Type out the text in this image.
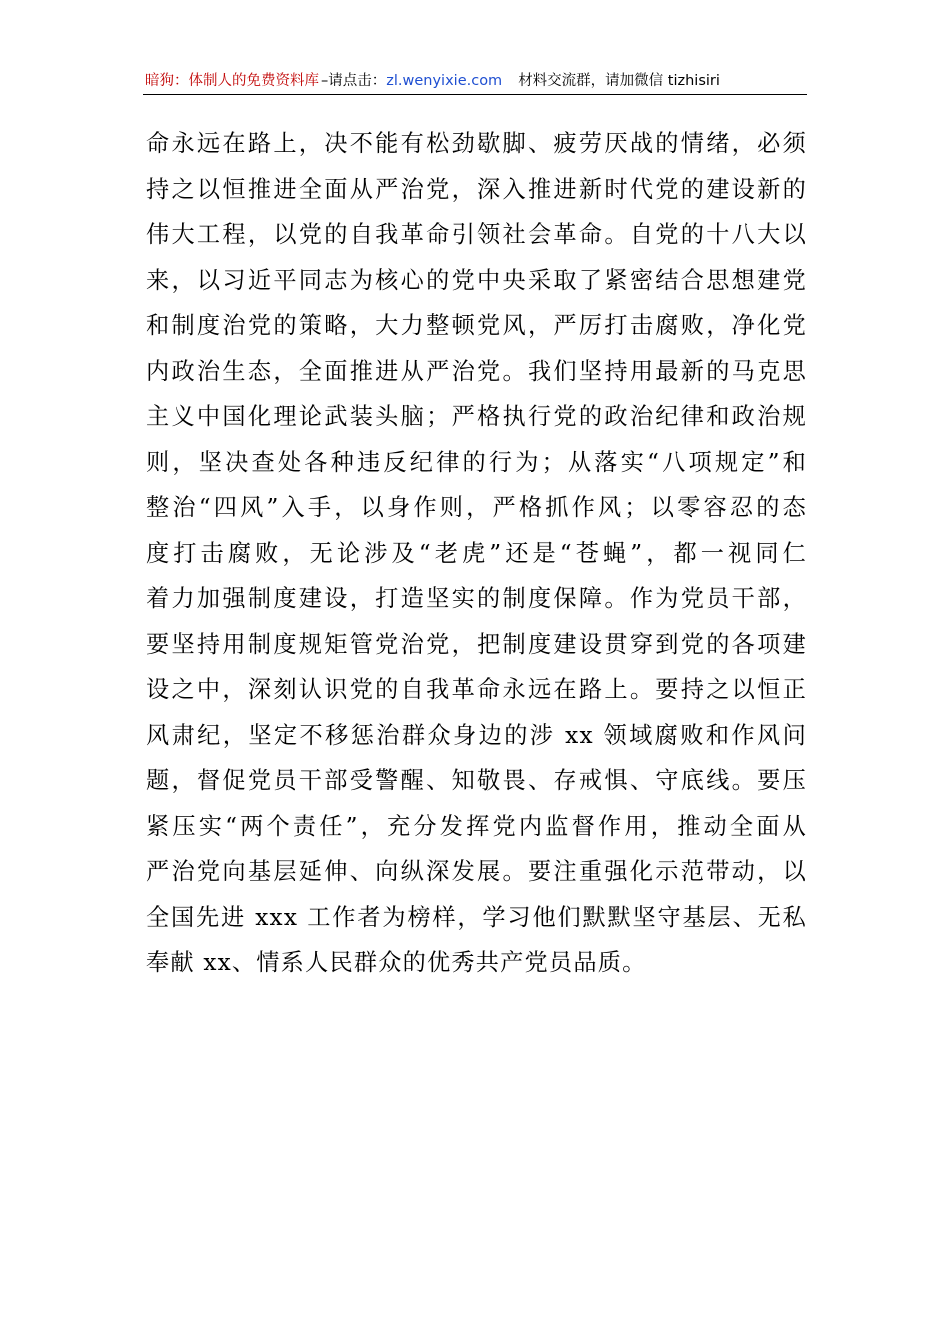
暗狗：体制人的免费资料库 –请点击：zl.wenyixie.com 材料交流群，请加微信 tizhisiri
命永远在路上，决不能有松劲歇脚、疲劳厌战的情绪，必须
持之以恒推进全面从严治党，深入推进新时代党的建设新的
伟大工程，以党的自我革命引领社会革命。自党的十八大以
来，以习近平同志为核心的党中央采取了紧密结合思想建党
和制度治党的策略，大力整顿党风，严厉打击腐败，净化党
内政治生态，全面推进从严治党。我们坚持用最新的马克思
主义中国化理论武装头脑；严格执行党的政治纪律和政治规
则，坚决查处各种违反纪律的行为；从落实“八项规定”和
整治“四风”入手，以身作则，严格抓作风；以零容忍的态
度打击腐败，无论涉及“老虎”还是“苍蝇”，都一视同仁
着力加强制度建设，打造坚实的制度保障。作为党员干部，
要坚持用制度规矩管党治党，把制度建设贯穿到党的各项建
设之中，深刻认识党的自我革命永远在路上。要持之以恒正
风肃纪，坚定不移惩治群众身边的涉 xx 领域腐败和作风问
题，督促党员干部受警醒、知敬畏、存戒惧、守底线。要压
紧压实“两个责任”，充分发挥党内监督作用，推动全面从
严治党向基层延伸、向纵深发展。要注重强化示范带动，以
全国先进 xxx 工作者为榜样，学习他们默默坚守基层、无私
奉献 xx、情系人民群众的优秀共产党员品质。
